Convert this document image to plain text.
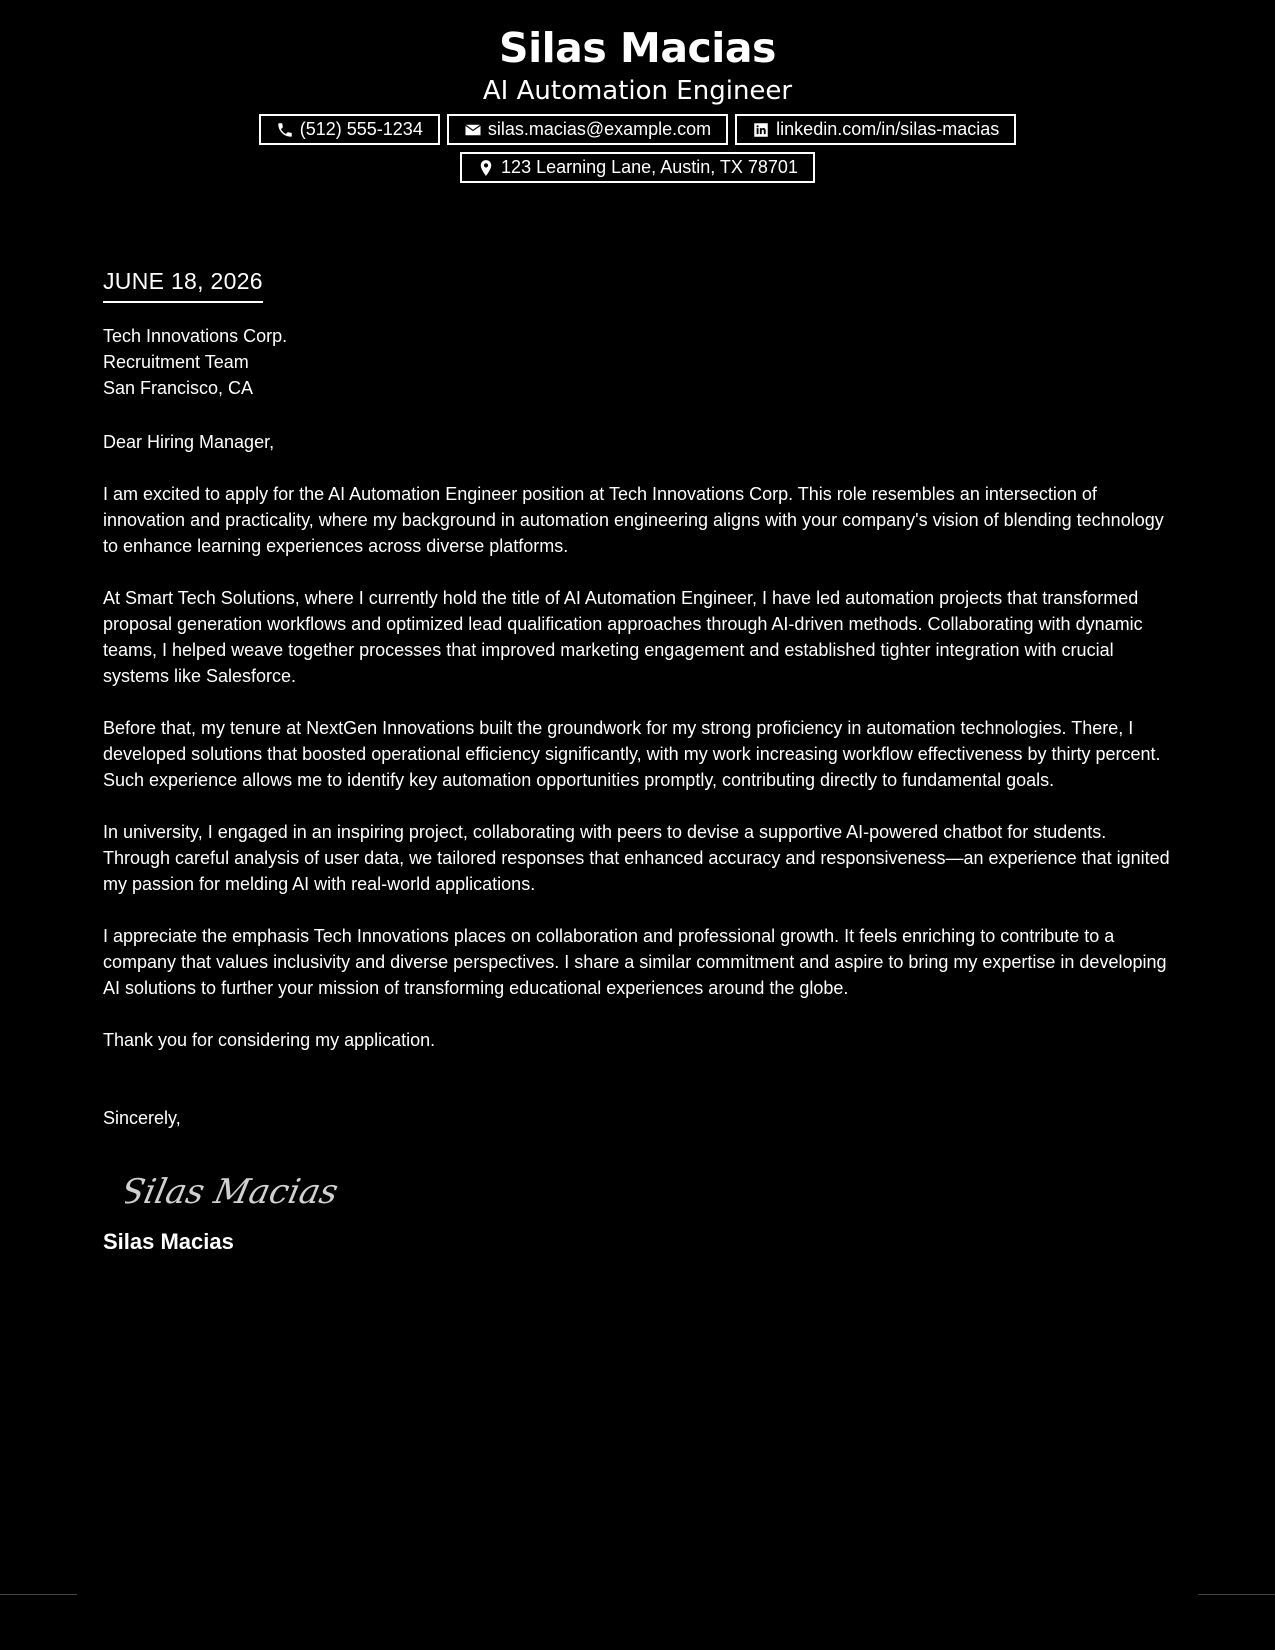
Silas Macias
AI Automation Engineer
(512) 555-1234	silas.macias@example.com	linkedin.com/in/silas-macias
123 Learning Lane, Austin, TX 78701
JUNE 18, 2026
Tech Innovations Corp.
Recruitment Team
San Francisco, CA
Dear Hiring Manager,
I am excited to apply for the AI Automation Engineer position at Tech Innovations Corp. This role resembles an intersection of innovation and practicality, where my background in automation engineering aligns with your company's vision of blending technology to enhance learning experiences across diverse platforms.
At Smart Tech Solutions, where I currently hold the title of AI Automation Engineer, I have led automation projects that transformed proposal generation workflows and optimized lead qualification approaches through AI-driven methods. Collaborating with dynamic teams, I helped weave together processes that improved marketing engagement and established tighter integration with crucial systems like Salesforce.
Before that, my tenure at NextGen Innovations built the groundwork for my strong proficiency in automation technologies. There, I developed solutions that boosted operational efficiency significantly, with my work increasing workflow effectiveness by thirty percent. Such experience allows me to identify key automation opportunities promptly, contributing directly to fundamental goals.
In university, I engaged in an inspiring project, collaborating with peers to devise a supportive AI-powered chatbot for students. Through careful analysis of user data, we tailored responses that enhanced accuracy and responsiveness—an experience that ignited my passion for melding AI with real-world applications.
I appreciate the emphasis Tech Innovations places on collaboration and professional growth. It feels enriching to contribute to a company that values inclusivity and diverse perspectives. I share a similar commitment and aspire to bring my expertise in developing AI solutions to further your mission of transforming educational experiences around the globe.
Thank you for considering my application.
Sincerely,
Silas Macias
Silas Macias
